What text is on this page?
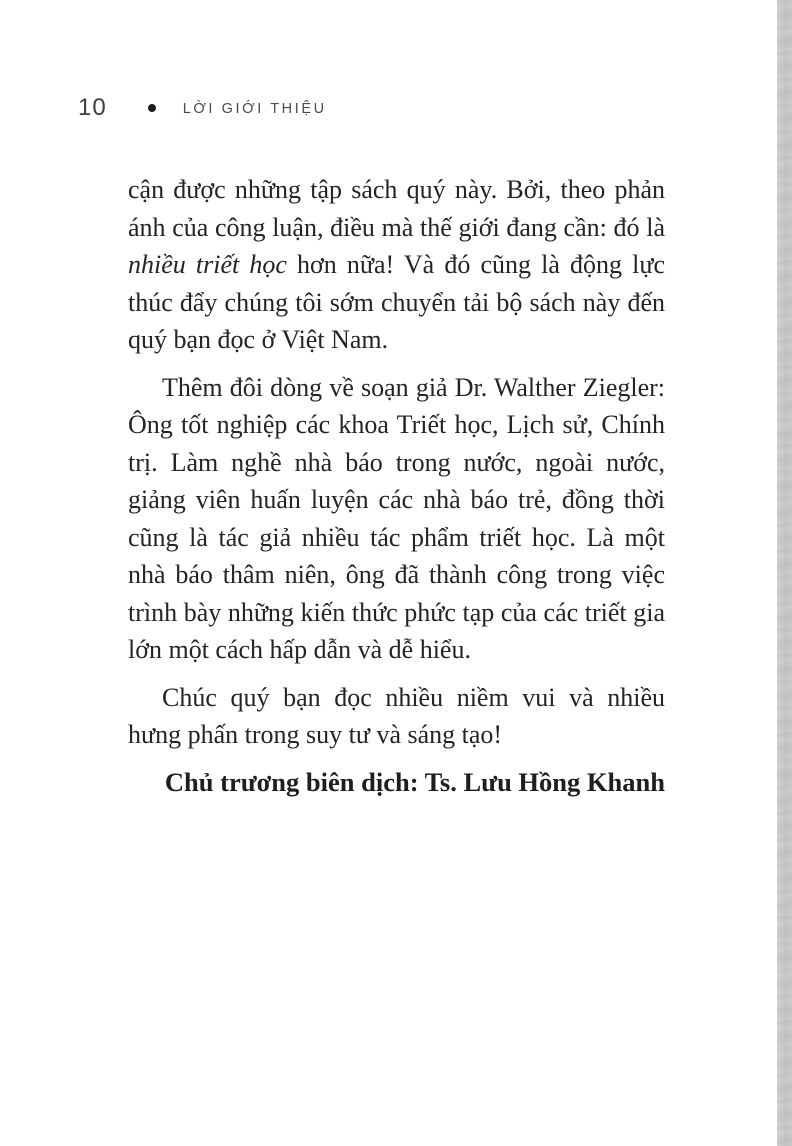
10	LỜI GIỚI THIỆU

cận được những tập sách quý này. Bởi, theo phản ánh của công luận, điều mà thế giới đang cần: đó là nhiều triết học hơn nữa! Và đó cũng là động lực thúc đẩy chúng tôi sớm chuyển tải bộ sách này đến quý bạn đọc ở Việt Nam.

Thêm đôi dòng về soạn giả Dr. Walther Ziegler: Ông tốt nghiệp các khoa Triết học, Lịch sử, Chính trị. Làm nghề nhà báo trong nước, ngoài nước, giảng viên huấn luyện các nhà báo trẻ, đồng thời cũng là tác giả nhiều tác phẩm triết học. Là một nhà báo thâm niên, ông đã thành công trong việc trình bày những kiến thức phức tạp của các triết gia lớn một cách hấp dẫn và dễ hiểu.

Chúc quý bạn đọc nhiều niềm vui và nhiều hưng phấn trong suy tư và sáng tạo!

Chủ trương biên dịch: Ts. Lưu Hồng Khanh
